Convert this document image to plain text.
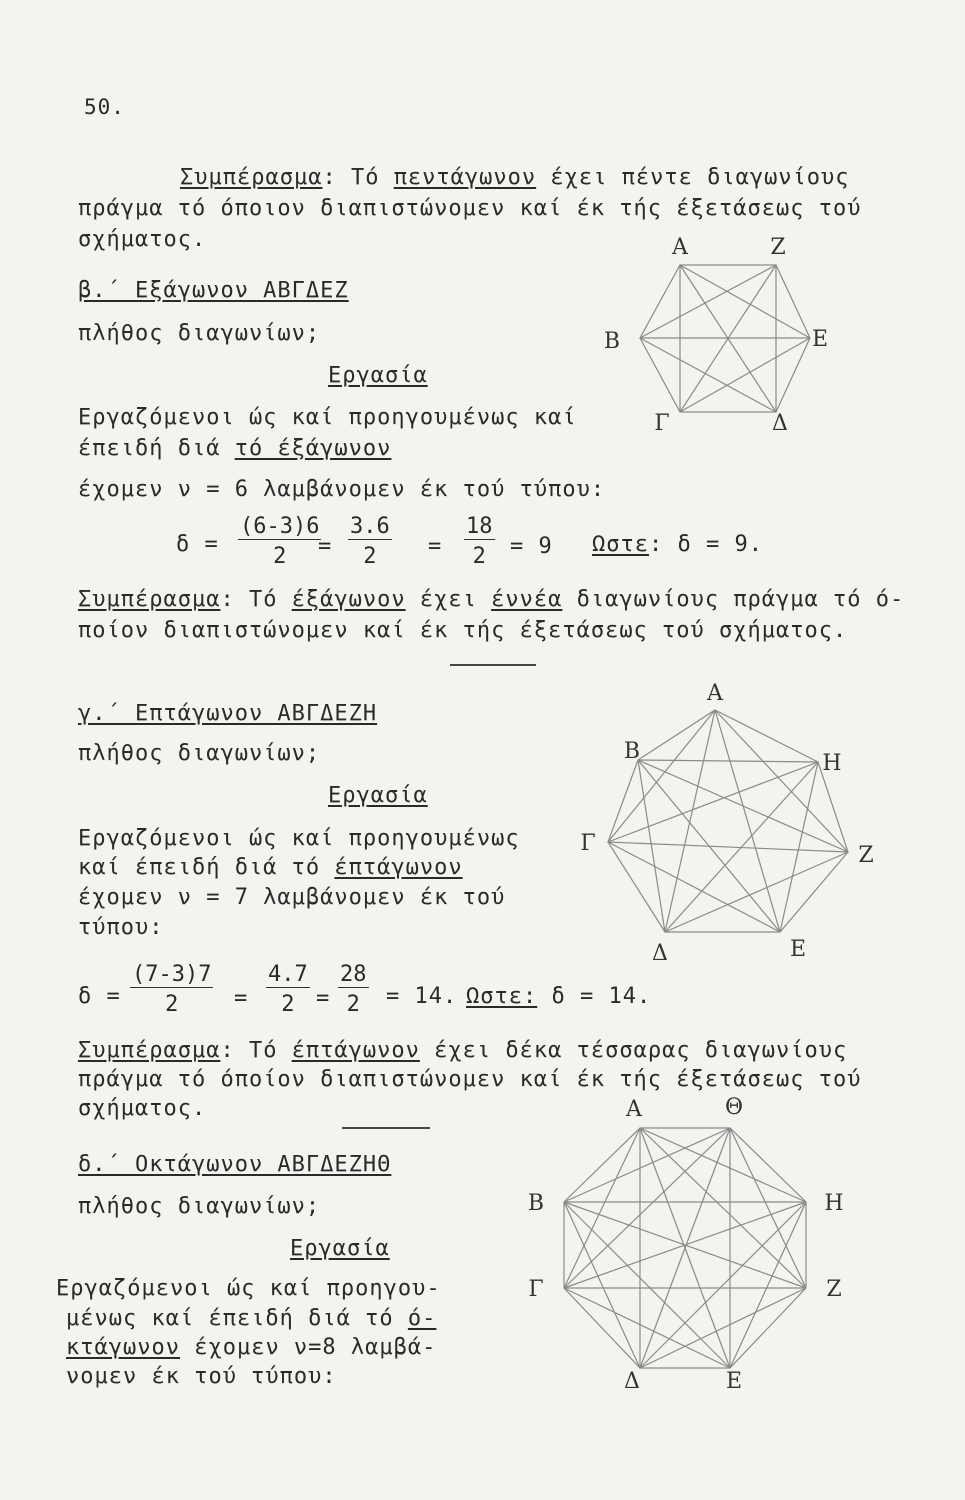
50.
Συμπέρασμα: Τό πεντάγωνον έχει πέντε διαγωνίους
πράγμα τό όποιον διαπιστώνομεν καί έκ τής έξετάσεως τού
σχήματος.
β.΄ Εξάγωνον ΑΒΓΔΕΖ
πλήθος διαγωνίων;
Εργασία
Εργαζόμενοι ώς καί προηγουμένως καί
έπειδή διά τό έξάγωνον
έχομεν ν = 6 λαμβάνομεν έκ τού τύπου:
$\delta = \frac{(6-3)6}{2}$
= $\frac{3.6}{2} = \frac{18}{2} = 9$ Ωστε: δ = 9.
Συμπέρασμα: Τό έξάγωνον έχει έννέα διαγωνίους πράγμα τό ό-
ποίον διαπιστώνομεν καί έκ τής έξετάσεως τού σχήματος.
Α	Ζ
Ε
Δ
Γ
Β
γ.΄ Επτάγωνον ΑΒΓΔΕΖΗ
πλήθος διαγωνίων;
Εργασία
Εργαζόμενοι ώς καί προηγουμένως
καί έπειδή διά τό έπτάγωνον
έχομεν ν = 7 λαμβάνομεν έκ τού
τύπου:
$\delta = \frac{(7-3)7}{2} = \frac{4.7}{2} = \frac{28}{2} = 14$. Ωστε: δ = 14.
Συμπέρασμα: Τό έπτάγωνον έχει δέκα τέσσαρας διαγωνίους
πράγμα τό όποίον διαπιστώνομεν καί έκ τής έξετάσεως τού
σχήματος.
Α
Η
Ζ
Ε
Δ
Γ
Β
δ.΄ Οκτάγωνον ΑΒΓΔΕΖΗΘ
πλήθος διαγωνίων;
Εργασία
Εργαζόμενοι ώς καί προηγου-
μένως καί έπειδή διά τό ό-
κτάγωνον έχομεν ν=8 λαμβά-
νομεν έκ τού τύπου:
Α	Θ
Η
Ζ
Ε
Δ
Γ
Β
